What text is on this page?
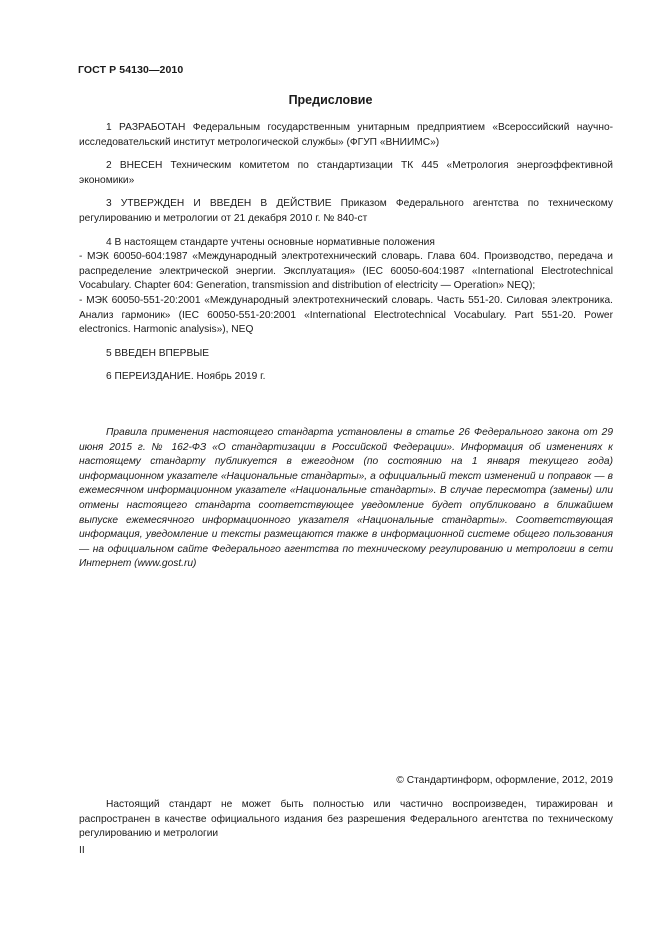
ГОСТ Р 54130—2010
Предисловие
1 РАЗРАБОТАН Федеральным государственным унитарным предприятием «Всероссийский научно-исследовательский институт метрологической службы» (ФГУП «ВНИИМС»)
2 ВНЕСЕН Техническим комитетом по стандартизации ТК 445 «Метрология энергоэффективной экономики»
3 УТВЕРЖДЕН И ВВЕДЕН В ДЕЙСТВИЕ Приказом Федерального агентства по техническому регулированию и метрологии от 21 декабря 2010 г. № 840-ст

4 В настоящем стандарте учтены основные нормативные положения

- МЭК 60050-604:1987 «Международный электротехнический словарь. Глава 604. Производство, передача и распределение электрической энергии. Эксплуатация» (IEC 60050-604:1987 «International Electrotechnical Vocabulary. Chapter 604: Generation, transmission and distribution of electricity — Operation» NEQ);

- МЭК 60050-551-20:2001 «Международный электротехнический словарь. Часть 551-20. Силовая электроника. Анализ гармоник» (IEC 60050-551-20:2001 «International Electrotechnical Vocabulary. Part 551-20. Power electronics. Harmonic analysis»), NEQ

5 ВВЕДЕН ВПЕРВЫЕ
6 ПЕРЕИЗДАНИЕ. Ноябрь 2019 г.
Правила применения настоящего стандарта установлены в статье 26 Федерального закона от 29 июня 2015 г. № 162-ФЗ «О стандартизации в Российской Федерации». Информация об изменениях к настоящему стандарту публикуется в ежегодном (по состоянию на 1 января текущего года) информационном указателе «Национальные стандарты», а официальный текст изменений и поправок — в ежемесячном информационном указателе «Национальные стандарты». В случае пересмотра (замены) или отмены настоящего стандарта соответствующее уведомление будет опубликовано в ближайшем выпуске ежемесячного информационного указателя «Национальные стандарты». Соответствующая информация, уведомление и тексты размещаются также в информационной системе общего пользования — на официальном сайте Федерального агентства по техническому регулированию и метрологии в сети Интернет (www.gost.ru)
© Стандартинформ, оформление, 2012, 2019
Настоящий стандарт не может быть полностью или частично воспроизведен, тиражирован и распространен в качестве официального издания без разрешения Федерального агентства по техническому регулированию и метрологии
II
